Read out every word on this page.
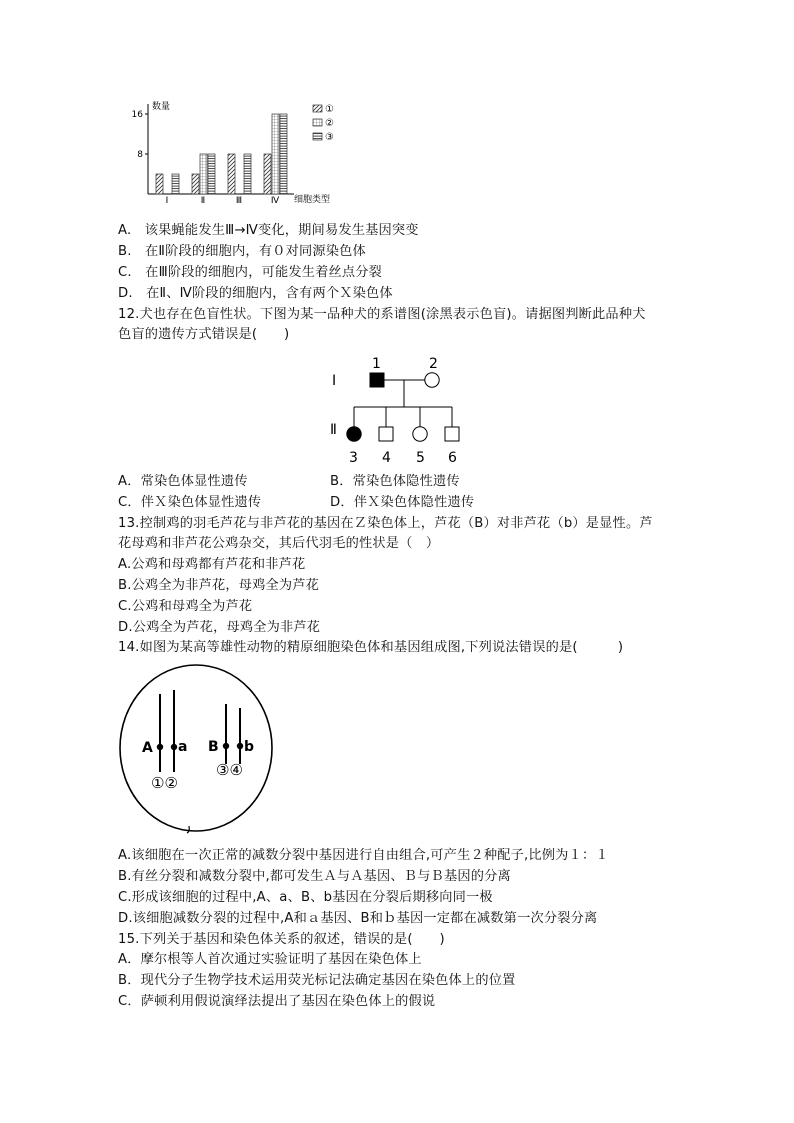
数量
细胞类型
8
16
Ⅰ	Ⅱ	Ⅲ	Ⅳ
①
②
③
A.　该果蝇能发生Ⅲ→Ⅳ变化，期间易发生基因突变
B.　在Ⅱ阶段的细胞内，有０对同源染色体
C.　在Ⅲ阶段的细胞内，可能发生着丝点分裂
D.　在Ⅱ、Ⅳ阶段的细胞内，含有两个Ｘ染色体
12.犬也存在色盲性状。下图为某一品种犬的系谱图(涂黑表示色盲)。请据图判断此品种犬
色盲的遗传方式错误是(　　)
Ⅰ
Ⅱ
1	2
3 4 5 6
A．常染色体显性遗传	B．常染色体隐性遗传
C．伴Ｘ染色体显性遗传	D．伴Ｘ染色体隐性遗传
13.控制鸡的羽毛芦花与非芦花的基因在Ｚ染色体上，芦花（B）对非芦花（b）是显性。芦
花母鸡和非芦花公鸡杂交，其后代羽毛的性状是（　）
A.公鸡和母鸡都有芦花和非芦花
B.公鸡全为非芦花，母鸡全为芦花
C.公鸡和母鸡全为芦花
D.公鸡全为芦花，母鸡全为非芦花
14.如图为某高等雄性动物的精原细胞染色体和基因组成图,下列说法错误的是(　　　)
A a B b
①②
③④
A.该细胞在一次正常的减数分裂中基因进行自由组合,可产生２种配子,比例为１：１
B.有丝分裂和减数分裂中,都可发生Ａ与Ａ基因、Ｂ与Ｂ基因的分离
C.形成该细胞的过程中,A、a、B、b基因在分裂后期移向同一极
D.该细胞减数分裂的过程中,A和ａ基因、B和ｂ基因一定都在减数第一次分裂分离
15.下列关于基因和染色体关系的叙述，错误的是(　　)
A．摩尔根等人首次通过实验证明了基因在染色体上
B．现代分子生物学技术运用荧光标记法确定基因在染色体上的位置
C．萨顿利用假说演绎法提出了基因在染色体上的假说
